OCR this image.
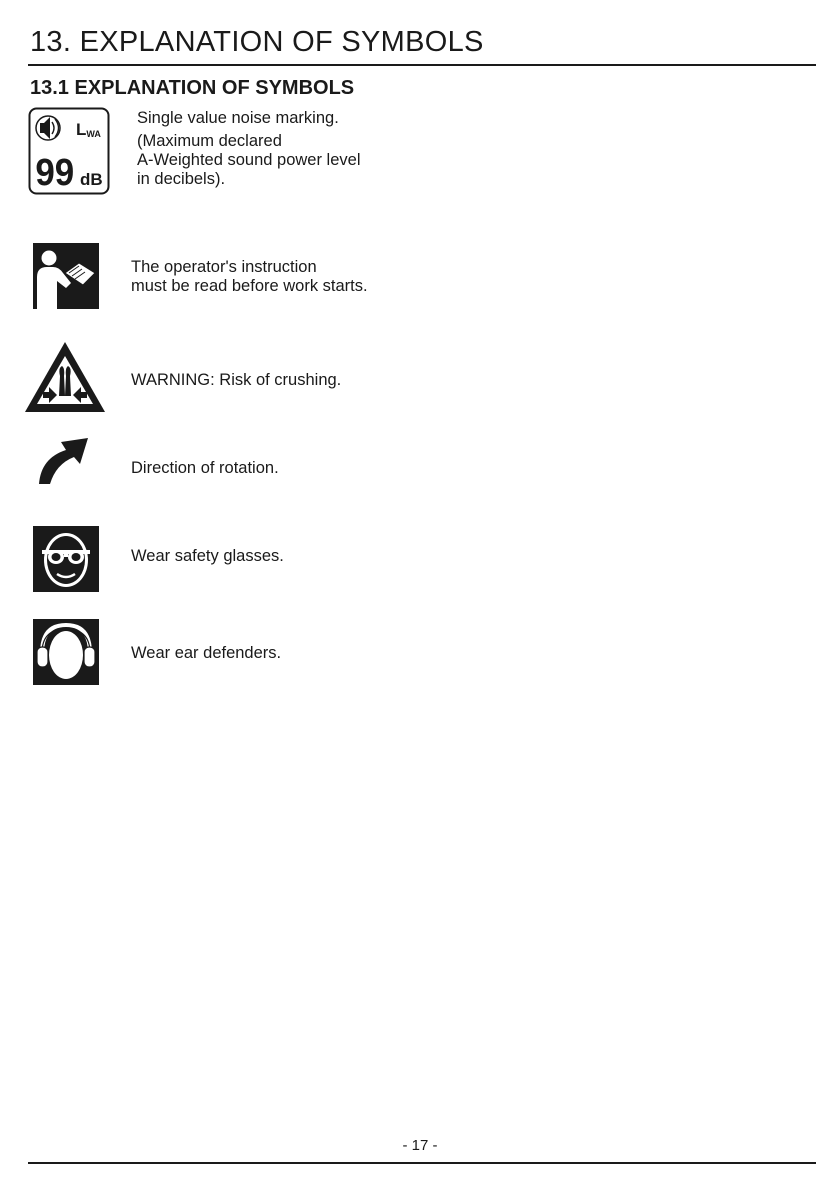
13. EXPLANATION OF SYMBOLS
13.1 EXPLANATION OF SYMBOLS
LWA
99 dB
Single value noise marking.
(Maximum declared
A-Weighted sound power level
in decibels).
The operator's instruction
must be read before work starts.
WARNING: Risk of crushing.
Direction of rotation.
Wear safety glasses.
Wear ear defenders.
- 17 -
